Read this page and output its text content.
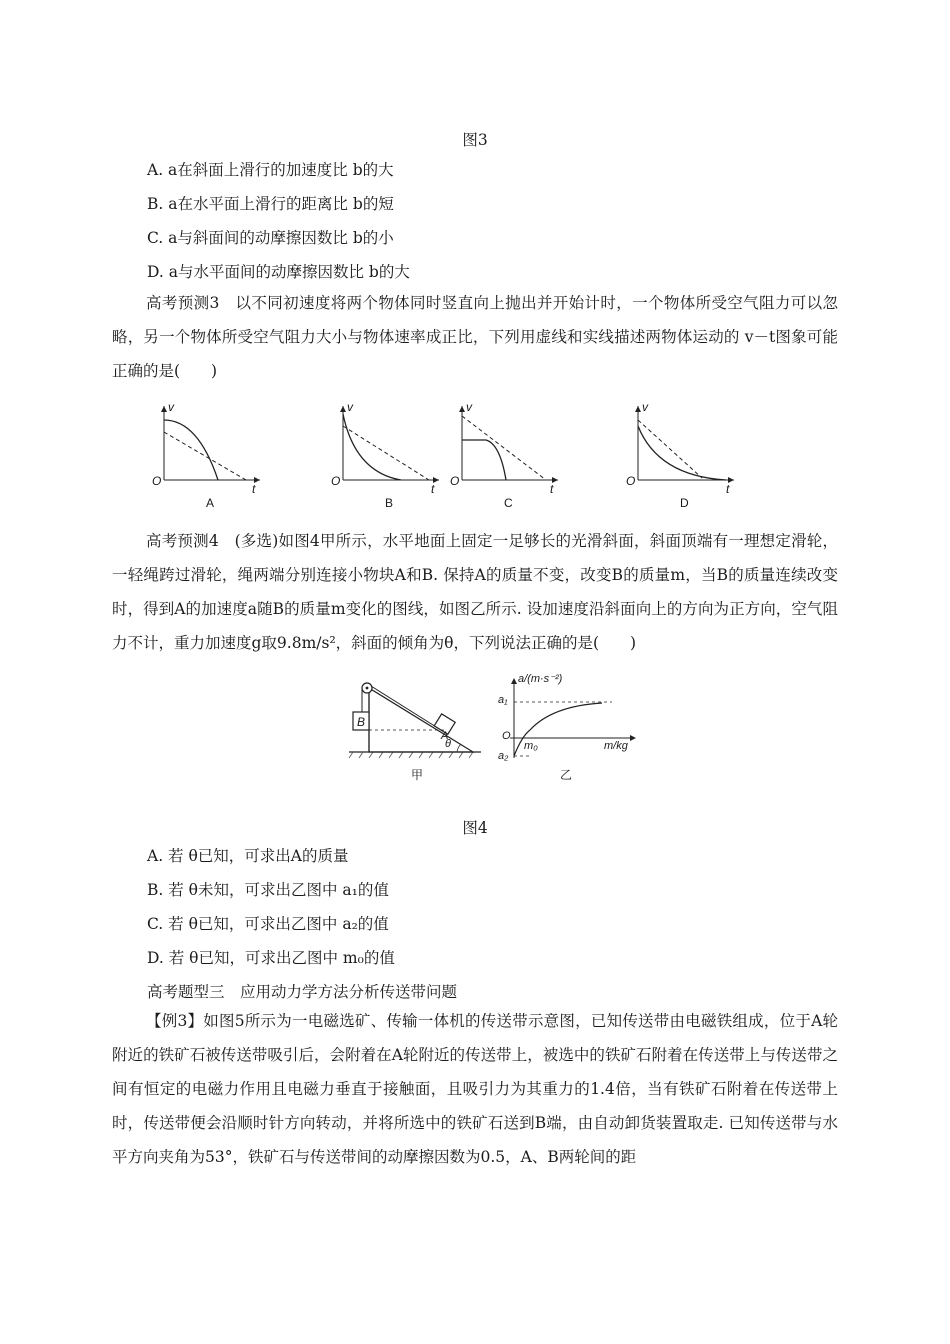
图3
A. a在斜面上滑行的加速度比 b的大
B. a在水平面上滑行的距离比 b的短
C. a与斜面间的动摩擦因数比 b的小
D. a与水平面间的动摩擦因数比 b的大
高考预测3　以不同初速度将两个物体同时竖直向上抛出并开始计时，一个物体所受空气阻力可以忽略，另一个物体所受空气阻力大小与物体速率成正比，下列用虚线和实线描述两物体运动的 v－t图象可能正确的是(　　)
v
t
O
A
v
t
O
B
v
t
O
C
v
t
O
D
高考预测4　(多选)如图4甲所示，水平地面上固定一足够长的光滑斜面，斜面顶端有一理想定滑轮，一轻绳跨过滑轮，绳两端分别连接小物块A和B. 保持A的质量不变，改变B的质量m，当B的质量连续改变时，得到A的加速度a随B的质量m变化的图线，如图乙所示. 设加速度沿斜面向上的方向为正方向，空气阻力不计，重力加速度g取9.8m/s²，斜面的倾角为θ，下列说法正确的是(　　)
B
A
θ
甲
a/(m·s⁻²)
a₁
O
m₀	m/kg
a₂
乙
图4
A. 若 θ已知，可求出A的质量
B. 若 θ未知，可求出乙图中 a₁的值
C. 若 θ已知，可求出乙图中 a₂的值
D. 若 θ已知，可求出乙图中 m₀的值
高考题型三　应用动力学方法分析传送带问题
【例3】如图5所示为一电磁选矿、传输一体机的传送带示意图，已知传送带由电磁铁组成，位于A轮附近的铁矿石被传送带吸引后，会附着在A轮附近的传送带上，被选中的铁矿石附着在传送带上与传送带之间有恒定的电磁力作用且电磁力垂直于接触面，且吸引力为其重力的1.4倍，当有铁矿石附着在传送带上时，传送带便会沿顺时针方向转动，并将所选中的铁矿石送到B端，由自动卸货装置取走. 已知传送带与水平方向夹角为53°，铁矿石与传送带间的动摩擦因数为0.5，A、B两轮间的距
